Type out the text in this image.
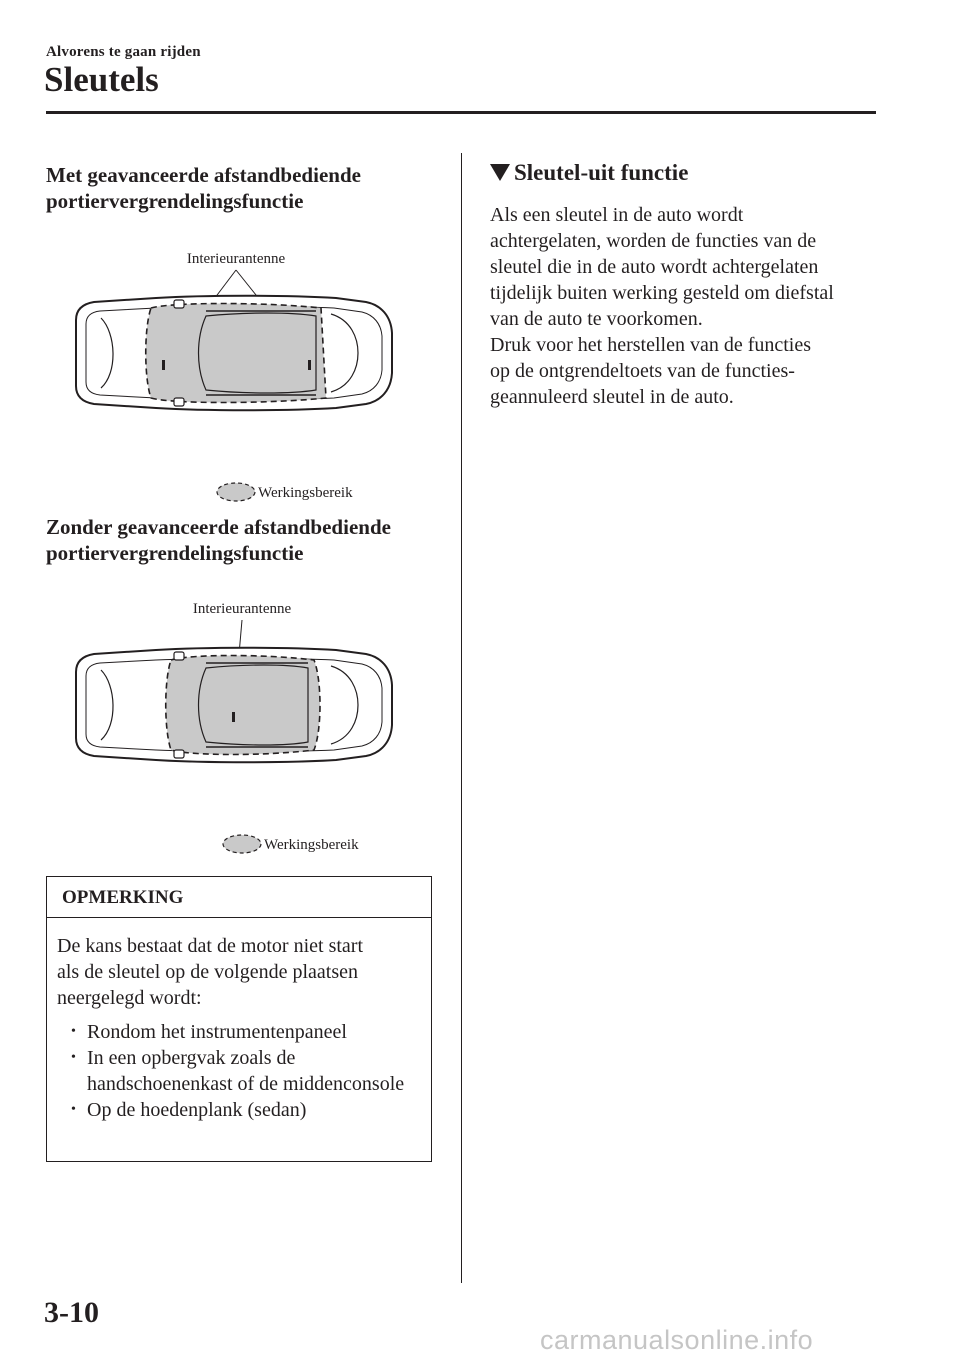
Alvorens te gaan rijden
Sleutels
Met geavanceerde afstandbediende
portiervergrendelingsfunctie
Interieurantenne
Werkingsbereik
Zonder geavanceerde afstandbediende
portiervergrendelingsfunctie
Interieurantenne
Werkingsbereik
OPMERKING
De kans bestaat dat de motor niet start
als de sleutel op de volgende plaatsen
neergelegd wordt:
• Rondom het instrumentenpaneel
• In een opbergvak zoals de handschoenenkast of de middenconsole
• Op de hoedenplank (sedan)
Sleutel-uit functie
Als een sleutel in de auto wordt
achtergelaten, worden de functies van de
sleutel die in de auto wordt achtergelaten
tijdelijk buiten werking gesteld om diefstal
van de auto te voorkomen.
Druk voor het herstellen van de functies
op de ontgrendeltoets van de functies-
geannuleerd sleutel in de auto.
3-10
carmanualsonline.info
